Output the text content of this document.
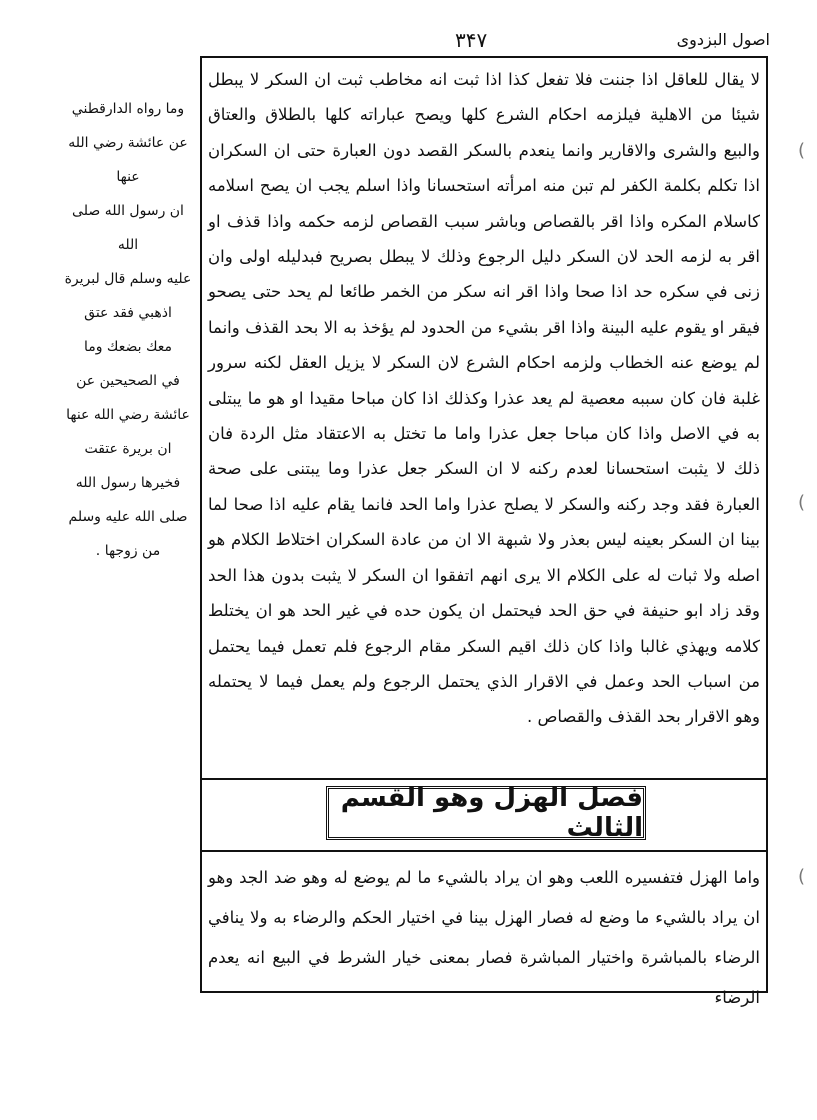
اصول البزدوی
۳۴۷

وما رواه الدارقطني

عن عائشة رضي الله عنها

ان رسول الله صلى الله

عليه وسلم قال لبريرة

اذهبي فقد عتق

معك بضعك وما

في الصحيحين عن

عائشة رضي الله عنها

ان بريرة عتقت

فخيرها رسول الله

صلى الله عليه وسلم

من زوجها .

لا يقال للعاقل اذا جننت فلا تفعل كذا اذا ثبت انه مخاطب ثبت ان السكر لا يبطل شيئا من الاهلية فيلزمه احكام الشرع كلها ويصح عباراته كلها بالطلاق والعتاق والبيع والشرى والاقارير وانما ينعدم بالسكر القصد دون العبارة حتى ان السكران اذا تكلم بكلمة الكفر لم تبن منه امرأته استحسانا واذا اسلم يجب ان يصح اسلامه كاسلام المكره واذا اقر بالقصاص وباشر سبب القصاص لزمه حكمه واذا قذف او اقر به لزمه الحد لان السكر دليل الرجوع وذلك لا يبطل بصريح فبدليله اولى وان زنى في سكره حد اذا صحا واذا اقر انه سكر من الخمر طائعا لم يحد حتى يصحو فيقر او يقوم عليه البينة واذا اقر بشيء من الحدود لم يؤخذ به الا بحد القذف وانما لم يوضع عنه الخطاب ولزمه احكام الشرع لان السكر لا يزيل العقل لكنه سرور غلبة فان كان سببه معصية لم يعد عذرا وكذلك اذا كان مباحا مقيدا او هو ما يبتلى به في الاصل واذا كان مباحا جعل عذرا واما ما تختل به الاعتقاد مثل الردة فان ذلك لا يثبت استحسانا لعدم ركنه لا ان السكر جعل عذرا وما يبتنى على صحة العبارة فقد وجد ركنه والسكر لا يصلح عذرا واما الحد فانما يقام عليه اذا صحا لما بينا ان السكر بعينه ليس بعذر ولا شبهة الا ان من عادة السكران اختلاط الكلام هو اصله ولا ثبات له على الكلام الا يرى انهم اتفقوا ان السكر لا يثبت بدون هذا الحد وقد زاد ابو حنيفة في حق الحد فيحتمل ان يكون حده في غير الحد هو ان يختلط كلامه ويهذي غالبا واذا كان ذلك اقيم السكر مقام الرجوع فلم تعمل فيما يحتمل من اسباب الحد وعمل في الاقرار الذي يحتمل الرجوع ولم يعمل فيما لا يحتمله وهو الاقرار بحد القذف والقصاص .

فصل الهزل وهو القسم الثالث

واما الهزل فتفسيره اللعب وهو ان يراد بالشيء ما لم يوضع له وهو ضد الجد وهو ان يراد بالشيء ما وضع له فصار الهزل بينا في اختيار الحكم والرضاء به ولا ينافي الرضاء بالمباشرة واختيار المباشرة فصار بمعنى خيار الشرط في البيع انه يعدم الرضاء

(
(
(
